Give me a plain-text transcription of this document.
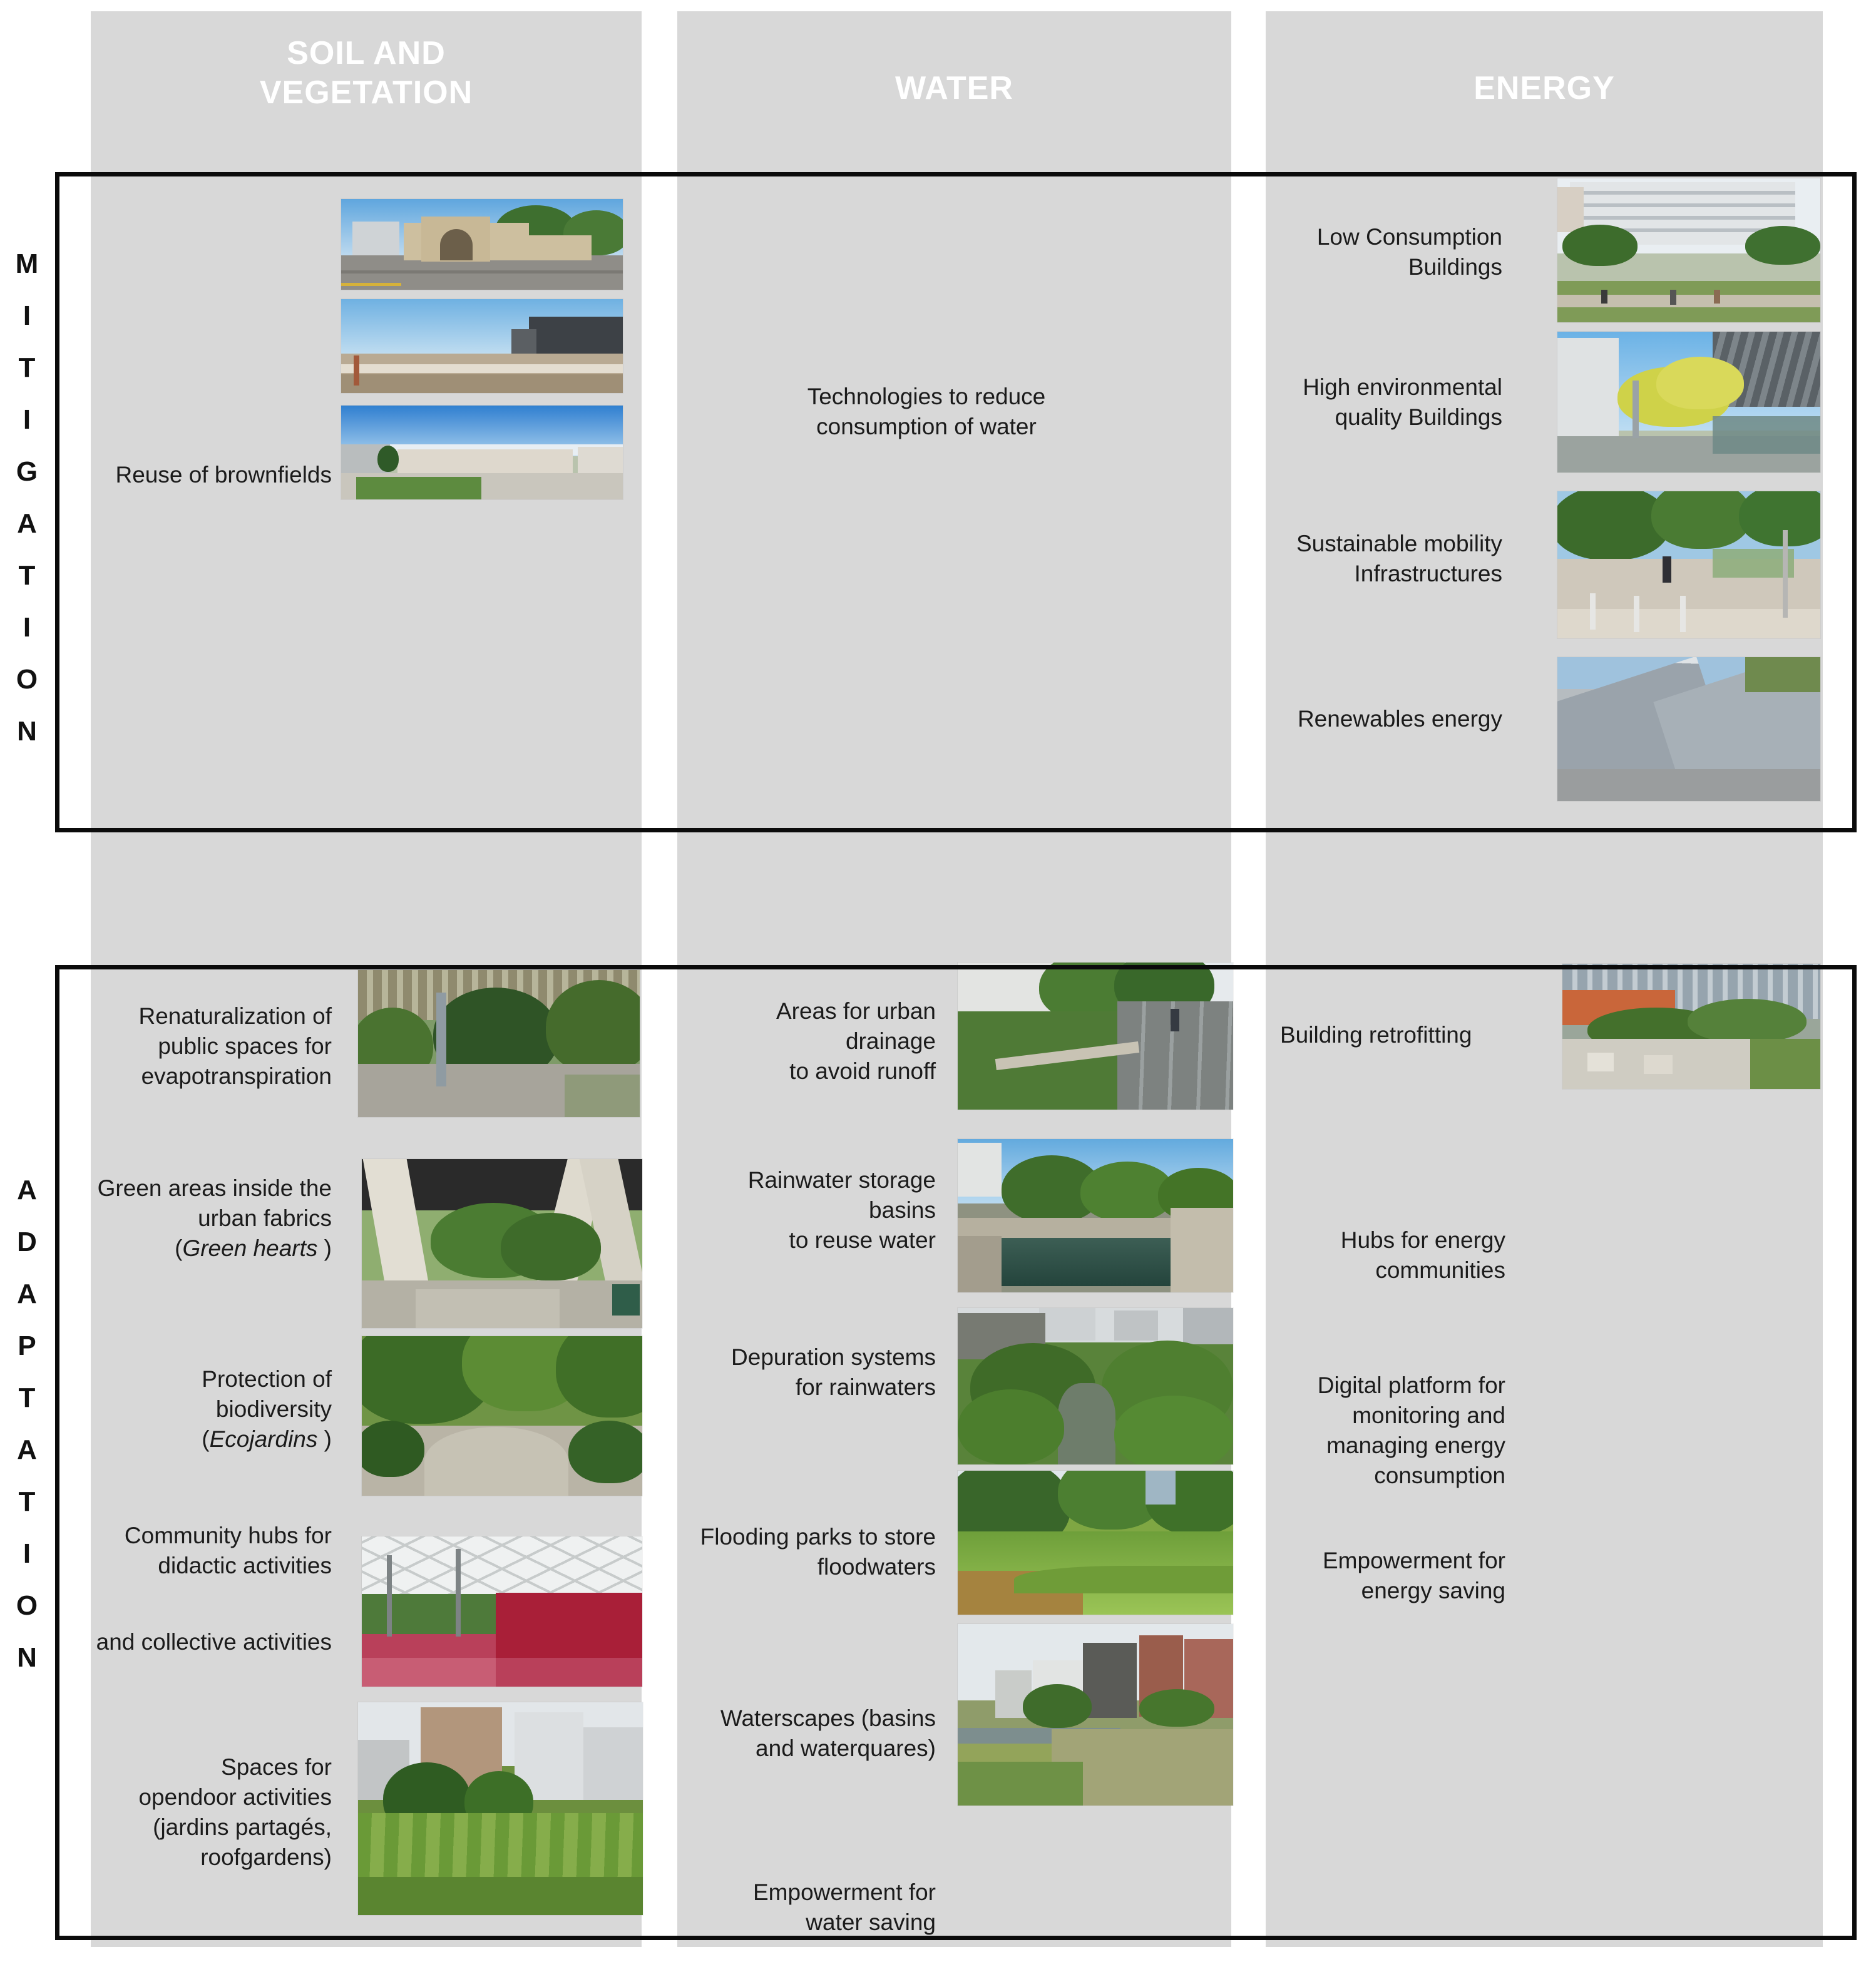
SOIL AND
VEGETATION	WATER	ENERGY
M
I
T
I
G
A
T
I
O
N
A
D
A
P
T
A
T
I
O
N
Reuse of brownfields
Technologies to reduce
consumption of water
Low Consumption
Buildings
High environmental
quality Buildings
Sustainable mobility
Infrastructures
Renewables energy
Renaturalization of
public spaces for
evapotranspiration
Green areas inside the
urban fabrics
(Green hearts )
Protection of
biodiversity
(Ecojardins )
Community hubs for
didactic activities
and collective activities
Spaces for
opendoor activities
(jardins partagés,
roofgardens)
Areas for urban
drainage
to avoid runoff
Rainwater storage
basins
to reuse water
Depuration systems
for rainwaters
Flooding parks to store
floodwaters
Waterscapes (basins
and waterquares)
Empowerment for
water saving
Building retrofitting
Hubs for energy
communities
Digital platform for
monitoring and
managing energy
consumption
Empowerment for
energy saving
